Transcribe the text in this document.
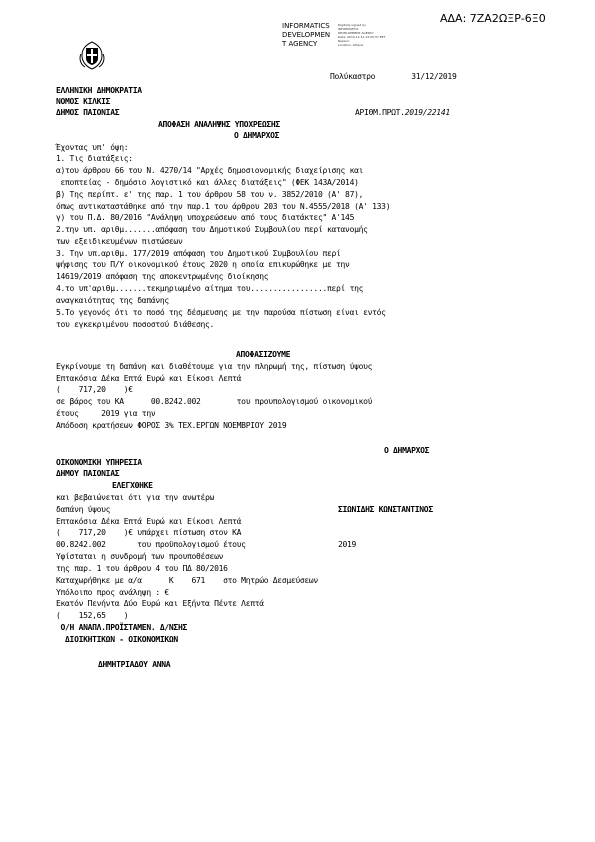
ΑΔΑ: 7ΖΑ2ΩΞΡ-6Ξ0
INFORMATICS
DEVELOPMEN
T AGENCY
Digitally signed by
INFORMATICS
DEVELOPMENT AGENCY
Date: 2019.12.31 14:05:37 EET
Reason:
Location: Athens
Πολύκαστρο        31/12/2019
ΕΛΛΗΝΙΚΗ ΔΗΜΟΚΡΑΤΙΑ
ΝΟΜΟΣ ΚΙΛΚΙΣ
ΔΗΜΟΣ ΠΑΙΟΝΙΑΣ	ΑΡΙΘΜ.ΠΡΩΤ.2019/22141
ΑΠΟΦΑΣΗ ΑΝΑΛΗΨΗΣ ΥΠΟΧΡΕΩΣΗΣ
Ο ΔΗΜΑΡΧΟΣ
Έχοντας υπ' όψη:
1. Τις διατάξεις:
α)του άρθρου 66 του Ν. 4270/14 "Αρχές δημοσιονομικής διαχείρισης και
εποπτείας - δημόσιο λογιστικό και άλλες διατάξεις" (ΦΕΚ 143Α/2014)
β) Της περίπτ. ε' της παρ. 1 του άρθρου 58 του ν. 3852/2010 (Α' 87),
όπως αντικαταστάθηκε από την παρ.1 του άρθρου 203 του Ν.4555/2018 (Α' 133)
γ) του Π.Δ. 80/2016 "Ανάληψη υποχρεώσεων από τους διατάκτες" Α'145
2.την υπ. αριθμ.......απόφαση του Δημοτικού Συμβουλίου περί κατανομής
των εξειδικευμένων πιστώσεων
3. Την υπ.αριθμ. 177/2019 απόφαση του Δημοτικού Συμβουλίου περί
ψήφισης του Π/Υ οικονομικού έτους 2020 η οποία επικυρώθηκε με την
14619/2019 απόφαση της αποκεντρωμένης διοίκησης
4.το υπ'αριθμ.......τεκμηριωμένο αίτημα του.................περί της
αναγκαιότητας της δαπάνης
5.Το γεγονός ότι το ποσό της δέσμευσης με την παρούσα πίστωση είναι εντός
του εγκεκριμένου ποσοστού διάθεσης.
ΑΠΟΦΑΣΙΖΟΥΜΕ
Εγκρίνουμε τη δαπάνη και διαθέτουμε για την πληρωμή της, πίστωση ύψους
Επτακόσια Δέκα Επτά Ευρώ και Είκοσι Λεπτά
(    717,20    )€
σε βάρος του ΚΑ      00.8242.002        του προυπολογισμού οικονομικού
έτους     2019 για την
Απόδοση κρατήσεων ΦΟΡΟΣ 3% ΤΕΧ.ΕΡΓΩΝ ΝΟΕΜΒΡΙΟΥ 2019
Ο ΔΗΜΑΡΧΟΣ
ΟΙΚΟΝΟΜΙΚΗ ΥΠΗΡΕΣΙΑ
ΔΗΜΟΥ ΠΑΙΟΝΙΑΣ
ΕΛΕΓΧΘΗΚΕ
και βεβαιώνεται ότι για την ανωτέρω
δαπάνη ύψους	ΣΙΩΝΙΔΗΣ ΚΩΝΣΤΑΝΤΙΝΟΣ
Επτακόσια Δέκα Επτά Ευρώ και Είκοσι Λεπτά
(    717,20    )€ υπάρχει πίστωση στον ΚΑ
00.8242.002       του προϋπολογισμού έτους	2019
Υφίσταται η συνδρομή των προυποθέσεων
της παρ. 1 του άρθρου 4 του ΠΔ 80/2016
Καταχωρήθηκε με α/α      Κ    671    στο Μητρώο Δεσμεύσεων
Υπόλοιπο προς ανάληψη : €
Εκατόν Πενήντα Δύο Ευρώ και Εξήντα Πέντε Λεπτά
(    152,65    )
Ο/Η ΑΝΑΠΛ.ΠΡΟΪΣΤΑΜΕΝ. Δ/ΝΣΗΣ
ΔΙΟΙΚΗΤΙΚΩΝ - ΟΙΚΟΝΟΜΙΚΩΝ
ΔΗΜΗΤΡΙΑΔΟΥ ΑΝΝΑ
